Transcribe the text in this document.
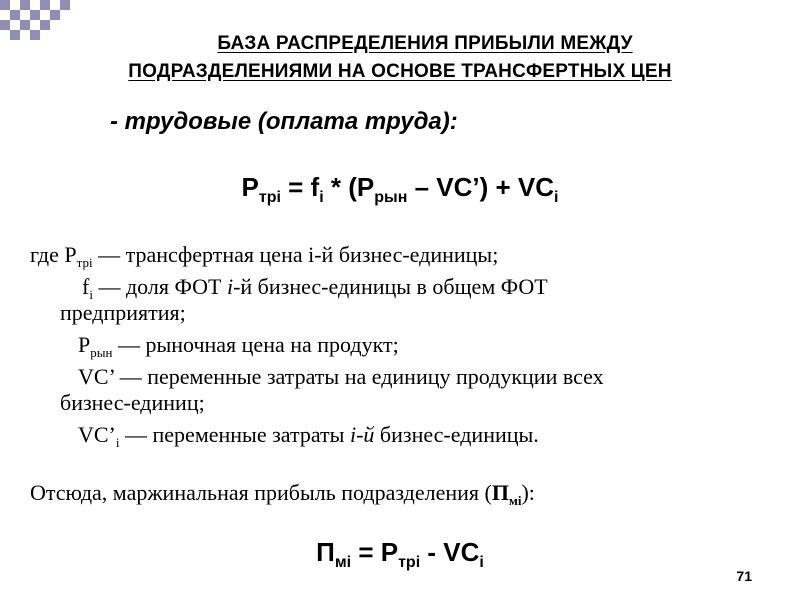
БАЗА РАСПРЕДЕЛЕНИЯ ПРИБЫЛИ МЕЖДУ
ПОДРАЗДЕЛЕНИЯМИ НА ОСНОВЕ ТРАНСФЕРТНЫХ ЦЕН
- трудовые (оплата труда):
$P_{трi} = f_i * (P_{рын}$ – VC’) + $VC_i$
где $P_{трi}$ — трансфертная цена i-й бизнес-единицы;
$f_i$ — доля ФОТ i-й бизнес-единицы в общем ФОТ
предприятия;
$P_{рын}$ — рыночная цена на продукт;
VC’ — переменные затраты на единицу продукции всех
бизнес-единиц;
$VC’_i$ — переменные затраты i-й бизнес-единицы.
Отсюда, маржинальная прибыль подразделения $(П_{мi})$:
$П_{мi} = P_{трi} - VC_i$
71
